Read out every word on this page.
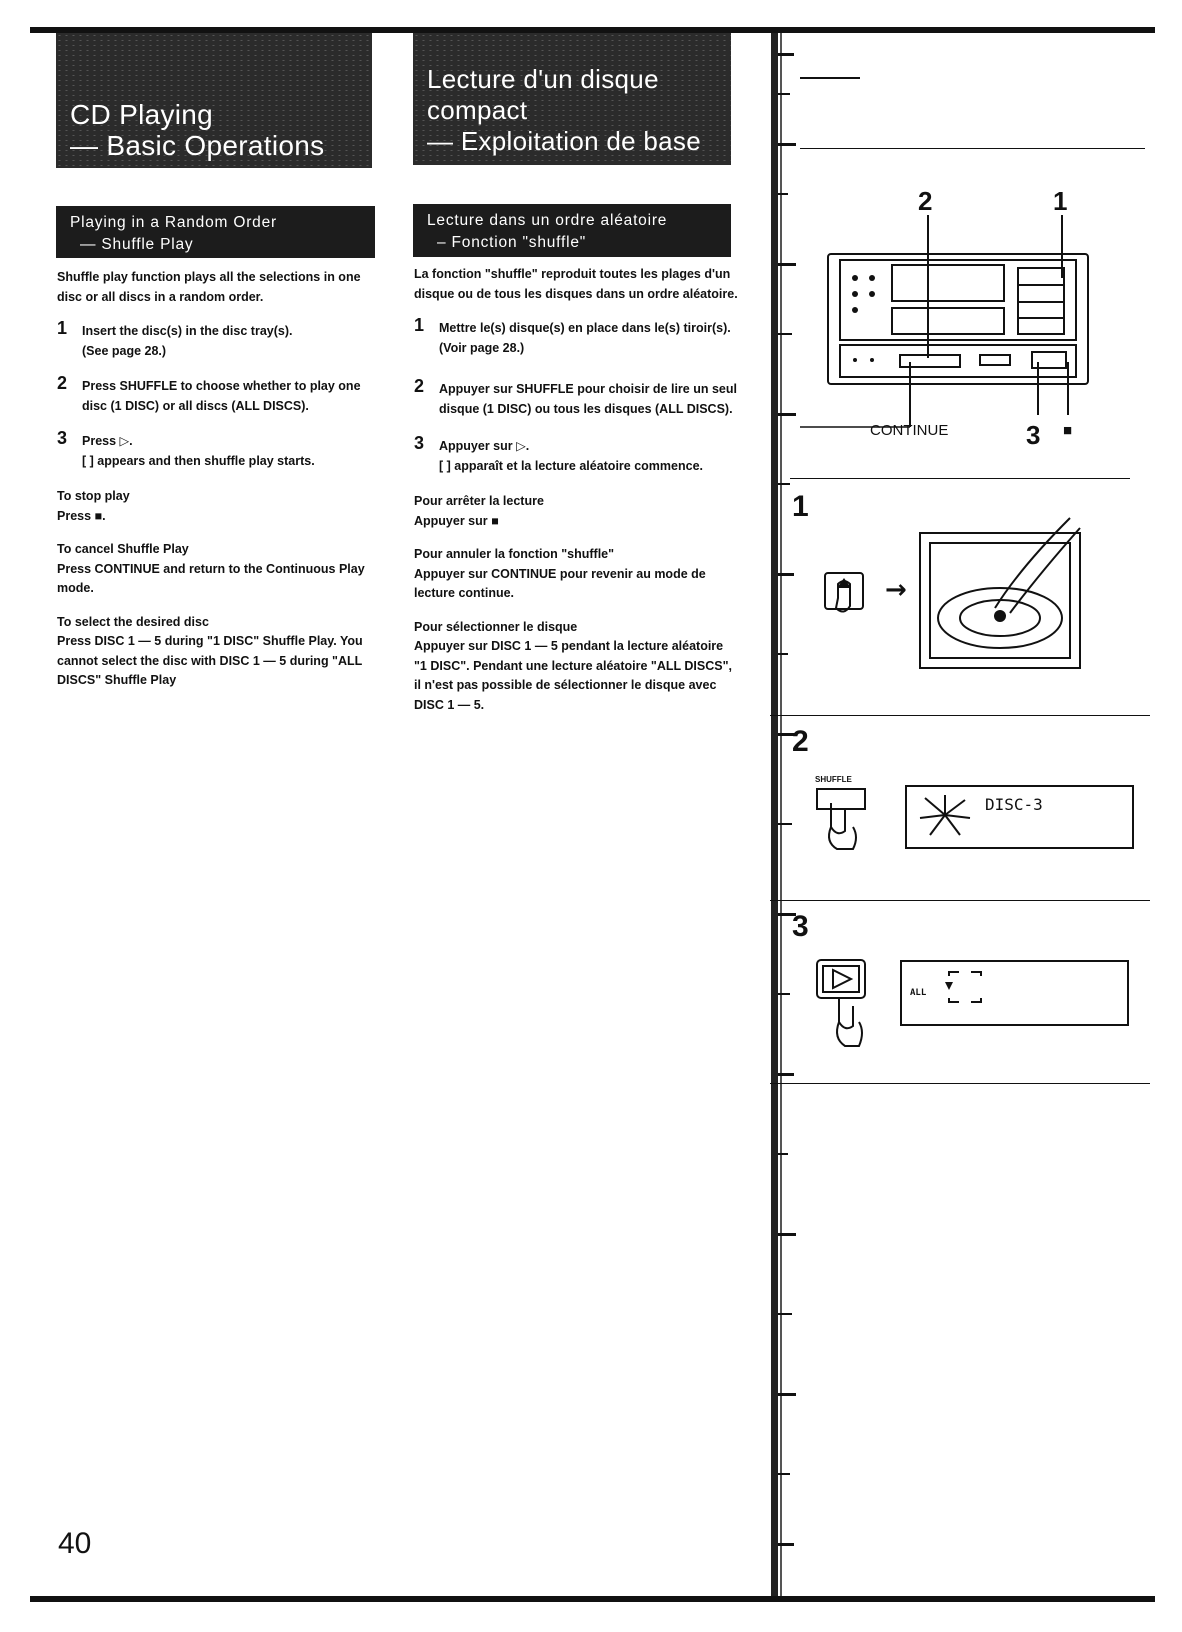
CD Playing
— Basic Operations
Lecture d'un disque
compact
— Exploitation de base
Playing in a Random Order
— Shuffle Play
Lecture dans un ordre aléatoire
– Fonction "shuffle"

Shuffle play function plays all the selections in one disc or all discs in a random order.

1 Insert the disc(s) in the disc tray(s).
(See page 28.)
2 Press SHUFFLE to choose whether to play one disc (1 DISC) or all discs (ALL DISCS).
3 Press ▷.
[ ] appears and then shuffle play starts.
To stop play
Press ■.
To cancel Shuffle Play
Press CONTINUE and return to the Continuous Play mode.
To select the desired disc
Press DISC 1 — 5 during "1 DISC" Shuffle Play. You cannot select the disc with DISC 1 — 5 during "ALL DISCS" Shuffle Play

La fonction "shuffle" reproduit toutes les plages d'un disque ou de tous les disques dans un ordre aléatoire.

1 Mettre le(s) disque(s) en place dans le(s) tiroir(s). (Voir page 28.)
2 Appuyer sur SHUFFLE pour choisir de lire un seul disque (1 DISC) ou tous les disques (ALL DISCS).
3 Appuyer sur ▷.
[ ] apparaît et la lecture aléatoire commence.
Pour arrêter la lecture
Appuyer sur ■
Pour annuler la fonction "shuffle"
Appuyer sur CONTINUE pour revenir au mode de lecture continue.
Pour sélectionner le disque
Appuyer sur DISC 1 — 5 pendant la lecture aléatoire "1 DISC". Pendant une lecture aléatoire "ALL DISCS", il n'est pas possible de sélectionner le disque avec DISC 1 — 5.
40
2	1
CONTINUE	3 ■
1
→
2
SHUFFLE
DISC-3
3
ALL
